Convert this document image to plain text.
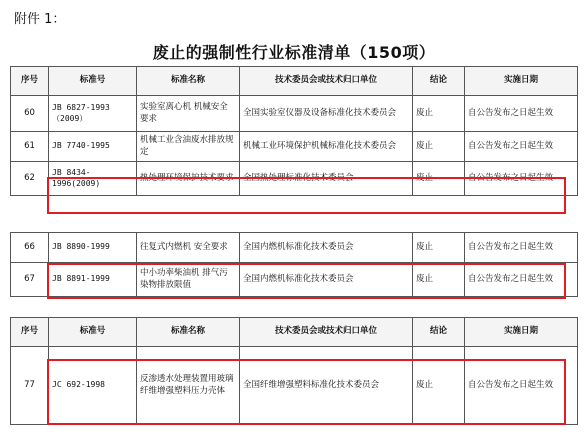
附件 1：
废止的强制性行业标准清单（150项）
序号	标准号	标准名称	技术委员会或技术归口单位	结论	实施日期
60	JB 6827-1993 （2009）	实验室离心机 机械安全要求	全国实验室仪器及设备标准化技术委员会	废止	自公告发布之日起生效
61	JB 7740-1995	机械工业含油废水排放规定	机械工业环境保护机械标准化技术委员会	废止	自公告发布之日起生效
62	JB 8434-1996(2009)	热处理环境保护技术要求	全国热处理标准化技术委员会	废止	自公告发布之日起生效
66	JB 8890-1999	往复式内燃机 安全要求	全国内燃机标准化技术委员会	废止	自公告发布之日起生效
67	JB 8891-1999	中小功率柴油机 排气污染物排放限值	全国内燃机标准化技术委员会	废止	自公告发布之日起生效
序号	标准号	标准名称	技术委员会或技术归口单位	结论	实施日期
77	JC 692-1998	反渗透水处理装置用玻璃纤维增强塑料压力壳体	全国纤维增强塑料标准化技术委员会	废止	自公告发布之日起生效
